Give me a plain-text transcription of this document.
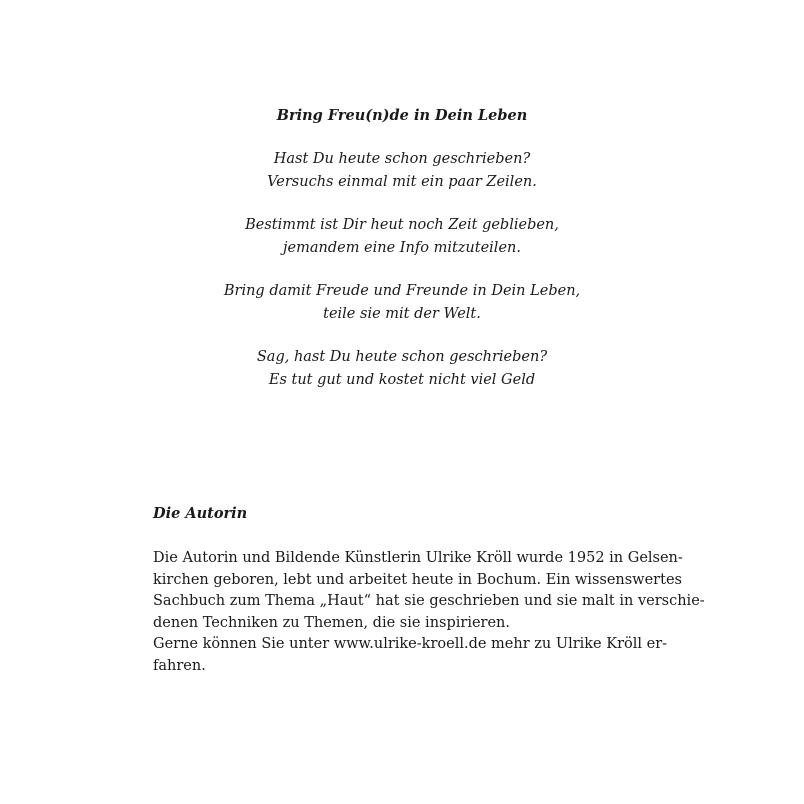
Bring Freu(n)de in Dein Leben
Hast Du heute schon geschrieben?
Versuchs einmal mit ein paar Zeilen.
Bestimmt ist Dir heut noch Zeit geblieben,
jemandem eine Info mitzuteilen.
Bring damit Freude und Freunde in Dein Leben,
teile sie mit der Welt.
Sag, hast Du heute schon geschrieben?
Es tut gut und kostet nicht viel Geld
Die Autorin
Die Autorin und Bildende Künstlerin Ulrike Kröll wurde 1952 in Gelsen-
kirchen geboren, lebt und arbeitet heute in Bochum. Ein wissenswertes
Sachbuch zum Thema „Haut“ hat sie geschrieben und sie malt in verschie-
denen Techniken zu Themen, die sie inspirieren.
Gerne können Sie unter www.ulrike-kroell.de mehr zu Ulrike Kröll er-
fahren.
